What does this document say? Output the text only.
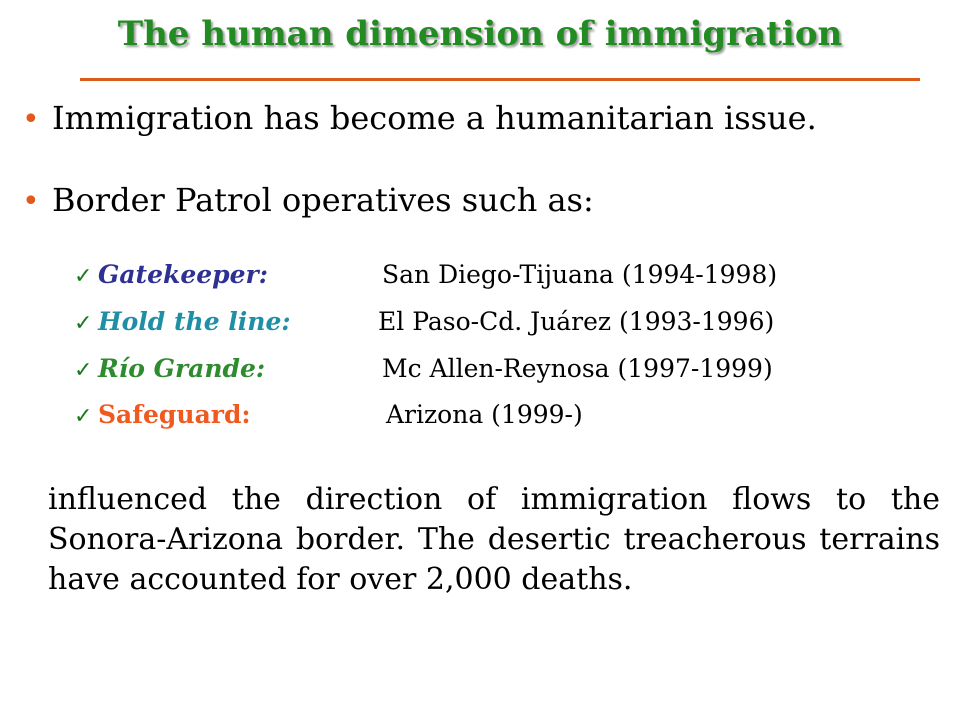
The human dimension of immigration
• Immigration has become a humanitarian issue.
• Border Patrol operatives such as:
✓ Gatekeeper:	San Diego-Tijuana (1994-1998)
✓ Hold the line:	El Paso-Cd. Juárez (1993-1996)
✓ Río Grande:	Mc Allen-Reynosa (1997-1999)
✓ Safeguard:	Arizona (1999-)
influenced the direction of immigration flows to the Sonora-Arizona border. The desertic treacherous terrains have accounted for over 2,000 deaths.
